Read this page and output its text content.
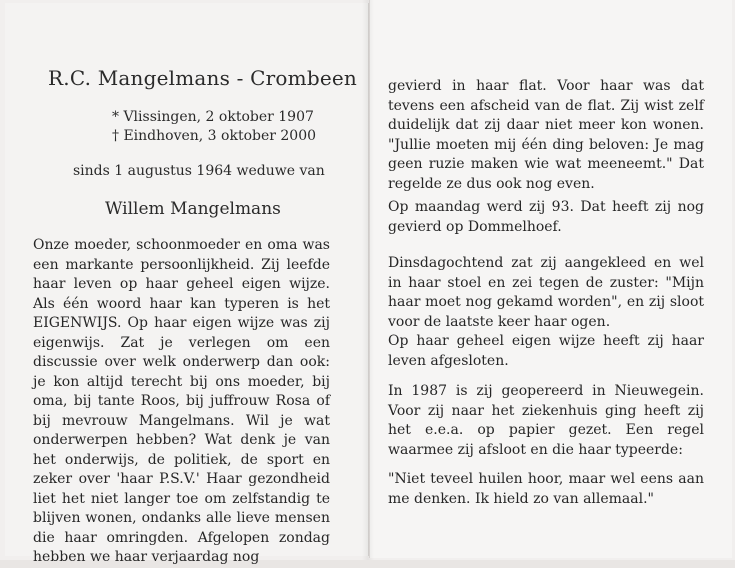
R.C. Mangelmans - Crombeen
* Vlissingen, 2 oktober 1907
† Eindhoven, 3 oktober 2000
sinds 1 augustus 1964 weduwe van
Willem Mangelmans

Onze moeder, schoonmoeder en oma was een markante persoonlijkheid. Zij leefde haar leven op haar geheel eigen wijze. Als één woord haar kan typeren is het EIGENWIJS. Op haar eigen wijze was zij eigenwijs. Zat je verlegen om een discussie over welk onderwerp dan ook: je kon altijd terecht bij ons moeder, bij oma, bij tante Roos, bij juffrouw Rosa of bij mevrouw Mangelmans. Wil je wat onderwerpen hebben? Wat denk je van het onderwijs, de politiek, de sport en zeker over 'haar P.S.V.' Haar gezondheid liet het niet langer toe om zelfstandig te blijven wonen, ondanks alle lieve mensen die haar omringden. Afgelopen zondag hebben we haar verjaardag nog

gevierd in haar flat. Voor haar was dat tevens een afscheid van de flat. Zij wist zelf duidelijk dat zij daar niet meer kon wonen. "Jullie moeten mij één ding beloven: Je mag geen ruzie maken wie wat meeneemt." Dat regelde ze dus ook nog even.

Op maandag werd zij 93. Dat heeft zij nog gevierd op Dommelhoef.

Dinsdagochtend zat zij aangekleed en wel in haar stoel en zei tegen de zuster: "Mijn haar moet nog gekamd worden", en zij sloot voor de laatste keer haar ogen.

Op haar geheel eigen wijze heeft zij haar leven afgesloten.

In 1987 is zij geopereerd in Nieuwegein. Voor zij naar het ziekenhuis ging heeft zij het e.e.a. op papier gezet. Een regel waarmee zij afsloot en die haar typeerde:

"Niet teveel huilen hoor, maar wel eens aan me denken. Ik hield zo van allemaal."
